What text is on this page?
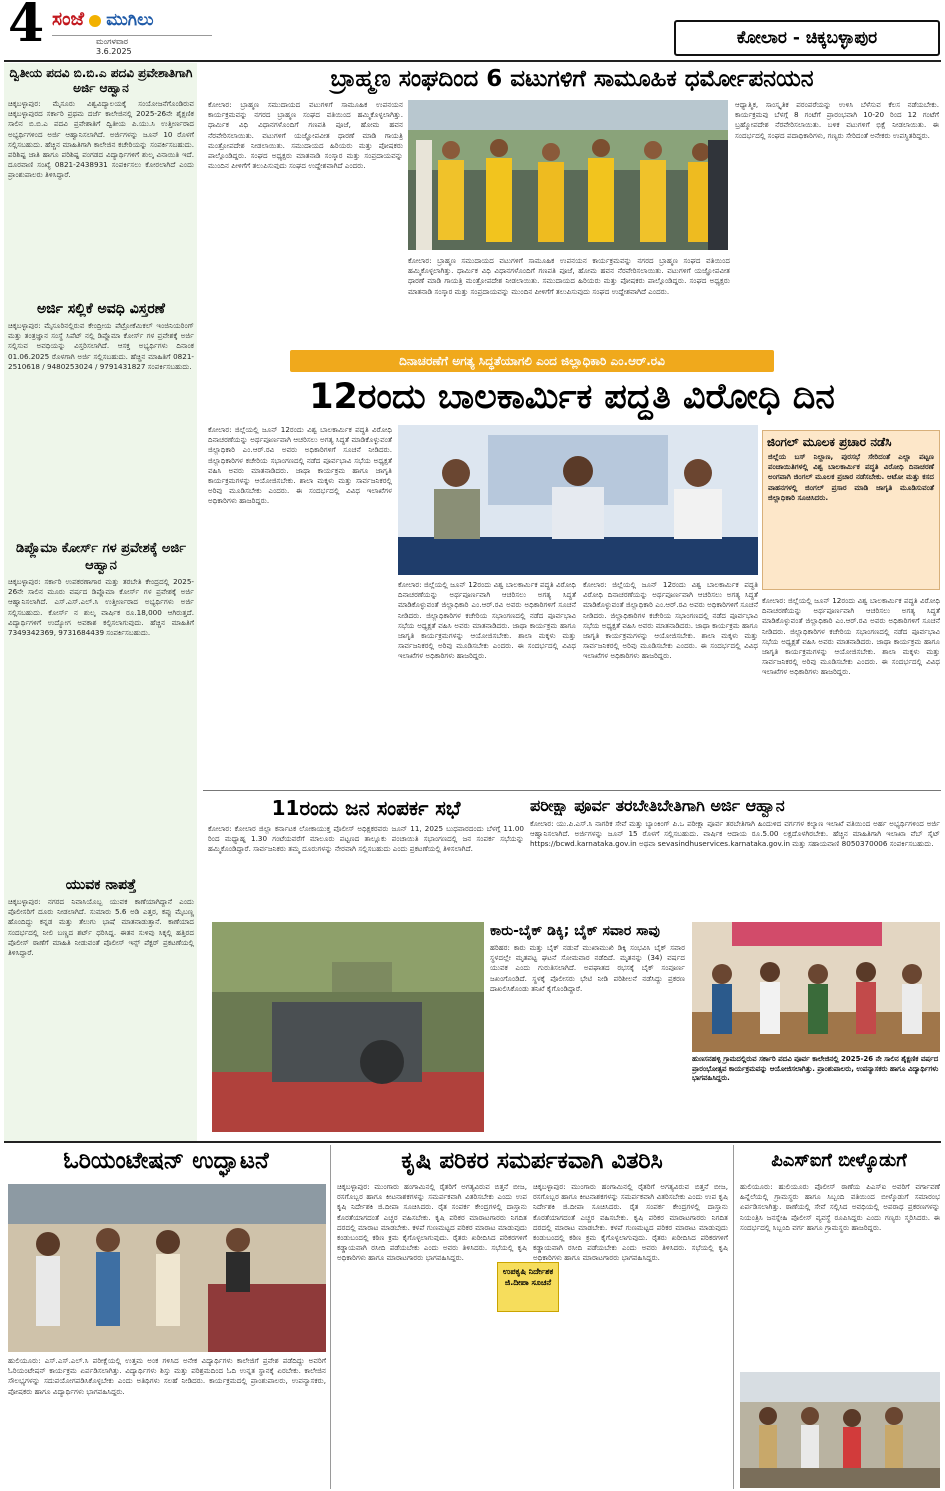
4 ಸಂಜೆ ಮುಗಿಲು
ಮಂಗಳವಾರ
3.6.2025
ಕೋಲಾರ - ಚಿಕ್ಕಬಳ್ಳಾಪುರ
ದ್ವಿತೀಯ ಪದವಿ ಬಿ.ಬಿ.ಎ ಪದವಿ ಪ್ರವೇಶಾತಿಗಾಗಿ ಅರ್ಜಿ ಆಹ್ವಾನ
ಚಿಕ್ಕಬಳ್ಳಾಪುರ: ಮೈಸೂರು ವಿಶ್ವವಿದ್ಯಾಲಯಕ್ಕೆ ಸಂಯೋಜನೆಗೊಂಡಿರುವ ಚಿಕ್ಕಬಳ್ಳಾಪುರದ ಸರ್ಕಾರಿ ಪ್ರಥಮ ದರ್ಜೆ ಕಾಲೇಜಿನಲ್ಲಿ 2025-26ನೇ ಶೈಕ್ಷಣಿಕ ಸಾಲಿನ ಬಿ.ಬಿ.ಎ ಪದವಿ ಪ್ರವೇಶಾತಿಗೆ ದ್ವಿತೀಯ ಪಿ.ಯು.ಸಿ ಉತ್ತೀರ್ಣರಾದ ಅಭ್ಯರ್ಥಿಗಳಿಂದ ಅರ್ಜಿ ಆಹ್ವಾನಿಸಲಾಗಿದೆ. ಅರ್ಜಿಗಳನ್ನು ಜೂನ್ 10 ರೊಳಗೆ ಸಲ್ಲಿಸಬಹುದು. ಹೆಚ್ಚಿನ ಮಾಹಿತಿಗಾಗಿ ಕಾಲೇಜಿನ ಕಚೇರಿಯನ್ನು ಸಂಪರ್ಕಿಸಬಹುದು. ಪರಿಶಿಷ್ಟ ಜಾತಿ ಹಾಗೂ ಪರಿಶಿಷ್ಟ ಪಂಗಡದ ವಿದ್ಯಾರ್ಥಿಗಳಿಗೆ ಶುಲ್ಕ ವಿನಾಯಿತಿ ಇದೆ. ದೂರವಾಣಿ ಸಂಖ್ಯೆ 0821-2438931 ಸಂಪರ್ಕಿಸಲು ಕೋರಲಾಗಿದೆ ಎಂದು ಪ್ರಾಂಶುಪಾಲರು ತಿಳಿಸಿದ್ದಾರೆ.
ಅರ್ಜಿ ಸಲ್ಲಿಕೆ ಅವಧಿ ವಿಸ್ತರಣೆ
ಚಿಕ್ಕಬಳ್ಳಾಪುರ: ಮೈಸೂರಿನಲ್ಲಿರುವ ಕೇಂದ್ರೀಯ ಪೆಟ್ರೋಕೆಮಿಕಲ್ ಇಂಜಿನಿಯರಿಂಗ್ ಮತ್ತು ತಂತ್ರಜ್ಞಾನ ಸಂಸ್ಥೆ ಸಿಪೆಟ್ ನಲ್ಲಿ ಡಿಪ್ಲೊಮಾ ಕೋರ್ಸ್ ಗಳ ಪ್ರವೇಶಕ್ಕೆ ಅರ್ಜಿ ಸಲ್ಲಿಸುವ ಅವಧಿಯನ್ನು ವಿಸ್ತರಿಸಲಾಗಿದೆ. ಆಸಕ್ತ ಅಭ್ಯರ್ಥಿಗಳು ದಿನಾಂಕ 01.06.2025 ರೊಳಗಾಗಿ ಅರ್ಜಿ ಸಲ್ಲಿಸಬಹುದು. ಹೆಚ್ಚಿನ ಮಾಹಿತಿಗೆ 0821-2510618 / 9480253024 / 9791431827 ಸಂಪರ್ಕಿಸಬಹುದು.
ಡಿಪ್ಲೊಮಾ ಕೋರ್ಸ್ ಗಳ ಪ್ರವೇಶಕ್ಕೆ ಅರ್ಜಿ ಆಹ್ವಾನ
ಚಿಕ್ಕಬಳ್ಳಾಪುರ: ಸರ್ಕಾರಿ ಉಪಕರಣಾಗಾರ ಮತ್ತು ತರಬೇತಿ ಕೇಂದ್ರದಲ್ಲಿ 2025-26ನೇ ಸಾಲಿನ ಮೂರು ವರ್ಷದ ಡಿಪ್ಲೊಮಾ ಕೋರ್ಸ್ ಗಳ ಪ್ರವೇಶಕ್ಕೆ ಅರ್ಜಿ ಆಹ್ವಾನಿಸಲಾಗಿದೆ. ಎಸ್.ಎಸ್.ಎಲ್.ಸಿ ಉತ್ತೀರ್ಣರಾದ ಅಭ್ಯರ್ಥಿಗಳು ಅರ್ಜಿ ಸಲ್ಲಿಸಬಹುದು. ಕೋರ್ಸ್ ನ ಶುಲ್ಕ ವಾರ್ಷಿಕ ರೂ.18,000 ಆಗಿರುತ್ತದೆ. ವಿದ್ಯಾರ್ಥಿಗಳಿಗೆ ಉದ್ಯೋಗ ಅವಕಾಶ ಕಲ್ಪಿಸಲಾಗುವುದು. ಹೆಚ್ಚಿನ ಮಾಹಿತಿಗೆ 7349342369, 9731684439 ಸಂಪರ್ಕಿಸಬಹುದು.
ಯುವಕ ನಾಪತ್ತೆ
ಚಿಕ್ಕಬಳ್ಳಾಪುರ: ನಗರದ ನಿವಾಸಿಯೊಬ್ಬ ಯುವಕ ಕಾಣೆಯಾಗಿದ್ದಾನೆ ಎಂದು ಪೊಲೀಸರಿಗೆ ದೂರು ನೀಡಲಾಗಿದೆ. ಸುಮಾರು 5.6 ಅಡಿ ಎತ್ತರ, ಕಪ್ಪು ಮೈಬಣ್ಣ ಹೊಂದಿದ್ದು ಕನ್ನಡ ಮತ್ತು ತೆಲುಗು ಭಾಷೆ ಮಾತನಾಡುತ್ತಾನೆ. ಕಾಣೆಯಾದ ಸಂದರ್ಭದಲ್ಲಿ ನೀಲಿ ಬಣ್ಣದ ಶರ್ಟ್ ಧರಿಸಿದ್ದ. ಈತನ ಸುಳಿವು ಸಿಕ್ಕಲ್ಲಿ ಹತ್ತಿರದ ಪೊಲೀಸ್ ಠಾಣೆಗೆ ಮಾಹಿತಿ ನೀಡುವಂತೆ ಪೊಲೀಸ್ ಇನ್ಸ್ ಪೆಕ್ಟರ್ ಪ್ರಕಟಣೆಯಲ್ಲಿ ತಿಳಿಸಿದ್ದಾರೆ.
ಬ್ರಾಹ್ಮಣ ಸಂಘದಿಂದ 6 ವಟುಗಳಿಗೆ ಸಾಮೂಹಿಕ ಧರ್ಮೋಪನಯನ
ಕೋಲಾರ: ಬ್ರಾಹ್ಮಣ ಸಮುದಾಯದ ವಟುಗಳಿಗೆ ಸಾಮೂಹಿಕ ಉಪನಯನ ಕಾರ್ಯಕ್ರಮವನ್ನು ನಗರದ ಬ್ರಾಹ್ಮಣ ಸಂಘದ ವತಿಯಿಂದ ಹಮ್ಮಿಕೊಳ್ಳಲಾಗಿತ್ತು. ಧಾರ್ಮಿಕ ವಿಧಿ ವಿಧಾನಗಳೊಂದಿಗೆ ಗಣಪತಿ ಪೂಜೆ, ಹೋಮ ಹವನ ನೆರವೇರಿಸಲಾಯಿತು. ವಟುಗಳಿಗೆ ಯಜ್ಞೋಪವೀತ ಧಾರಣೆ ಮಾಡಿ ಗಾಯತ್ರಿ ಮಂತ್ರೋಪದೇಶ ನೀಡಲಾಯಿತು. ಸಮುದಾಯದ ಹಿರಿಯರು ಮತ್ತು ಪೋಷಕರು ಪಾಲ್ಗೊಂಡಿದ್ದರು. ಸಂಘದ ಅಧ್ಯಕ್ಷರು ಮಾತನಾಡಿ ಸಂಸ್ಕಾರ ಮತ್ತು ಸಂಪ್ರದಾಯವನ್ನು ಮುಂದಿನ ಪೀಳಿಗೆಗೆ ತಲುಪಿಸುವುದು ಸಂಘದ ಉದ್ದೇಶವಾಗಿದೆ ಎಂದರು.
ಆಧ್ಯಾತ್ಮಿಕ, ಸಾಂಸ್ಕೃತಿಕ ಪರಂಪರೆಯನ್ನು ಉಳಿಸಿ ಬೆಳೆಸುವ ಕೆಲಸ ನಡೆಯಬೇಕು. ಕಾರ್ಯಕ್ರಮವು ಬೆಳಗ್ಗೆ 8 ಗಂಟೆಗೆ ಪ್ರಾರಂಭವಾಗಿ 10-20 ರಿಂದ 12 ಗಂಟೆಗೆ ಬ್ರಹ್ಮೋಪದೇಶ ನೆರವೇರಿಸಲಾಯಿತು. ಬಳಿಕ ವಟುಗಳಿಗೆ ಭಿಕ್ಷೆ ನೀಡಲಾಯಿತು. ಈ ಸಂದರ್ಭದಲ್ಲಿ ಸಂಘದ ಪದಾಧಿಕಾರಿಗಳು, ಗಣ್ಯರು ಸೇರಿದಂತೆ ಅನೇಕರು ಉಪಸ್ಥಿತರಿದ್ದರು.
ಕೋಲಾರ: ಬ್ರಾಹ್ಮಣ ಸಮುದಾಯದ ವಟುಗಳಿಗೆ ಸಾಮೂಹಿಕ ಉಪನಯನ ಕಾರ್ಯಕ್ರಮವನ್ನು ನಗರದ ಬ್ರಾಹ್ಮಣ ಸಂಘದ ವತಿಯಿಂದ ಹಮ್ಮಿಕೊಳ್ಳಲಾಗಿತ್ತು. ಧಾರ್ಮಿಕ ವಿಧಿ ವಿಧಾನಗಳೊಂದಿಗೆ ಗಣಪತಿ ಪೂಜೆ, ಹೋಮ ಹವನ ನೆರವೇರಿಸಲಾಯಿತು. ವಟುಗಳಿಗೆ ಯಜ್ಞೋಪವೀತ ಧಾರಣೆ ಮಾಡಿ ಗಾಯತ್ರಿ ಮಂತ್ರೋಪದೇಶ ನೀಡಲಾಯಿತು. ಸಮುದಾಯದ ಹಿರಿಯರು ಮತ್ತು ಪೋಷಕರು ಪಾಲ್ಗೊಂಡಿದ್ದರು. ಸಂಘದ ಅಧ್ಯಕ್ಷರು ಮಾತನಾಡಿ ಸಂಸ್ಕಾರ ಮತ್ತು ಸಂಪ್ರದಾಯವನ್ನು ಮುಂದಿನ ಪೀಳಿಗೆಗೆ ತಲುಪಿಸುವುದು ಸಂಘದ ಉದ್ದೇಶವಾಗಿದೆ ಎಂದರು.
ದಿನಾಚರಣೆಗೆ ಅಗತ್ಯ ಸಿದ್ಧತೆಯಾಗಲಿ ಎಂದ ಜಿಲ್ಲಾಧಿಕಾರಿ ಎಂ.ಆರ್.ರವಿ
12ರಂದು ಬಾಲಕಾರ್ಮಿಕ ಪದ್ಧತಿ ವಿರೋಧಿ ದಿನ
ಕೋಲಾರ: ಜಿಲ್ಲೆಯಲ್ಲಿ ಜೂನ್ 12ರಂದು ವಿಶ್ವ ಬಾಲಕಾರ್ಮಿಕ ಪದ್ಧತಿ ವಿರೋಧಿ ದಿನಾಚರಣೆಯನ್ನು ಅರ್ಥಪೂರ್ಣವಾಗಿ ಆಚರಿಸಲು ಅಗತ್ಯ ಸಿದ್ಧತೆ ಮಾಡಿಕೊಳ್ಳುವಂತೆ ಜಿಲ್ಲಾಧಿಕಾರಿ ಎಂ.ಆರ್.ರವಿ ಅವರು ಅಧಿಕಾರಿಗಳಿಗೆ ಸೂಚನೆ ನೀಡಿದರು. ಜಿಲ್ಲಾಧಿಕಾರಿಗಳ ಕಚೇರಿಯ ಸಭಾಂಗಣದಲ್ಲಿ ನಡೆದ ಪೂರ್ವಭಾವಿ ಸಭೆಯ ಅಧ್ಯಕ್ಷತೆ ವಹಿಸಿ ಅವರು ಮಾತನಾಡಿದರು. ಜಾಥಾ ಕಾರ್ಯಕ್ರಮ ಹಾಗೂ ಜಾಗೃತಿ ಕಾರ್ಯಕ್ರಮಗಳನ್ನು ಆಯೋಜಿಸಬೇಕು. ಶಾಲಾ ಮಕ್ಕಳು ಮತ್ತು ಸಾರ್ವಜನಿಕರಲ್ಲಿ ಅರಿವು ಮೂಡಿಸಬೇಕು ಎಂದರು. ಈ ಸಂದರ್ಭದಲ್ಲಿ ವಿವಿಧ ಇಲಾಖೆಗಳ ಅಧಿಕಾರಿಗಳು ಹಾಜರಿದ್ದರು.
ಜಿಂಗಲ್ ಮೂಲಕ ಪ್ರಚಾರ ನಡೆಸಿ
ಜಿಲ್ಲೆಯ ಬಸ್ ನಿಲ್ದಾಣ, ಪುರಸಭೆ ಸೇರಿದಂತೆ ಎಲ್ಲಾ ಪಟ್ಟಣ ಪಂಚಾಯಿತಿಗಳಲ್ಲಿ ವಿಶ್ವ ಬಾಲಕಾರ್ಮಿಕ ಪದ್ಧತಿ ವಿರೋಧಿ ದಿನಾಚರಣೆ ಅಂಗವಾಗಿ ಜಿಂಗಲ್ ಮೂಲಕ ಪ್ರಚಾರ ನಡೆಸಬೇಕು. ಆಟೋ ಮತ್ತು ಕಸದ ವಾಹನಗಳಲ್ಲಿ ಜಿಂಗಲ್ ಪ್ರಸಾರ ಮಾಡಿ ಜಾಗೃತಿ ಮೂಡಿಸುವಂತೆ ಜಿಲ್ಲಾಧಿಕಾರಿ ಸೂಚಿಸಿದರು.
ಕೋಲಾರ: ಜಿಲ್ಲೆಯಲ್ಲಿ ಜೂನ್ 12ರಂದು ವಿಶ್ವ ಬಾಲಕಾರ್ಮಿಕ ಪದ್ಧತಿ ವಿರೋಧಿ ದಿನಾಚರಣೆಯನ್ನು ಅರ್ಥಪೂರ್ಣವಾಗಿ ಆಚರಿಸಲು ಅಗತ್ಯ ಸಿದ್ಧತೆ ಮಾಡಿಕೊಳ್ಳುವಂತೆ ಜಿಲ್ಲಾಧಿಕಾರಿ ಎಂ.ಆರ್.ರವಿ ಅವರು ಅಧಿಕಾರಿಗಳಿಗೆ ಸೂಚನೆ ನೀಡಿದರು. ಜಿಲ್ಲಾಧಿಕಾರಿಗಳ ಕಚೇರಿಯ ಸಭಾಂಗಣದಲ್ಲಿ ನಡೆದ ಪೂರ್ವಭಾವಿ ಸಭೆಯ ಅಧ್ಯಕ್ಷತೆ ವಹಿಸಿ ಅವರು ಮಾತನಾಡಿದರು. ಜಾಥಾ ಕಾರ್ಯಕ್ರಮ ಹಾಗೂ ಜಾಗೃತಿ ಕಾರ್ಯಕ್ರಮಗಳನ್ನು ಆಯೋಜಿಸಬೇಕು. ಶಾಲಾ ಮಕ್ಕಳು ಮತ್ತು ಸಾರ್ವಜನಿಕರಲ್ಲಿ ಅರಿವು ಮೂಡಿಸಬೇಕು ಎಂದರು. ಈ ಸಂದರ್ಭದಲ್ಲಿ ವಿವಿಧ ಇಲಾಖೆಗಳ ಅಧಿಕಾರಿಗಳು ಹಾಜರಿದ್ದರು.
ಕೋಲಾರ: ಜಿಲ್ಲೆಯಲ್ಲಿ ಜೂನ್ 12ರಂದು ವಿಶ್ವ ಬಾಲಕಾರ್ಮಿಕ ಪದ್ಧತಿ ವಿರೋಧಿ ದಿನಾಚರಣೆಯನ್ನು ಅರ್ಥಪೂರ್ಣವಾಗಿ ಆಚರಿಸಲು ಅಗತ್ಯ ಸಿದ್ಧತೆ ಮಾಡಿಕೊಳ್ಳುವಂತೆ ಜಿಲ್ಲಾಧಿಕಾರಿ ಎಂ.ಆರ್.ರವಿ ಅವರು ಅಧಿಕಾರಿಗಳಿಗೆ ಸೂಚನೆ ನೀಡಿದರು. ಜಿಲ್ಲಾಧಿಕಾರಿಗಳ ಕಚೇರಿಯ ಸಭಾಂಗಣದಲ್ಲಿ ನಡೆದ ಪೂರ್ವಭಾವಿ ಸಭೆಯ ಅಧ್ಯಕ್ಷತೆ ವಹಿಸಿ ಅವರು ಮಾತನಾಡಿದರು. ಜಾಥಾ ಕಾರ್ಯಕ್ರಮ ಹಾಗೂ ಜಾಗೃತಿ ಕಾರ್ಯಕ್ರಮಗಳನ್ನು ಆಯೋಜಿಸಬೇಕು. ಶಾಲಾ ಮಕ್ಕಳು ಮತ್ತು ಸಾರ್ವಜನಿಕರಲ್ಲಿ ಅರಿವು ಮೂಡಿಸಬೇಕು ಎಂದರು. ಈ ಸಂದರ್ಭದಲ್ಲಿ ವಿವಿಧ ಇಲಾಖೆಗಳ ಅಧಿಕಾರಿಗಳು ಹಾಜರಿದ್ದರು.
ಕೋಲಾರ: ಜಿಲ್ಲೆಯಲ್ಲಿ ಜೂನ್ 12ರಂದು ವಿಶ್ವ ಬಾಲಕಾರ್ಮಿಕ ಪದ್ಧತಿ ವಿರೋಧಿ ದಿನಾಚರಣೆಯನ್ನು ಅರ್ಥಪೂರ್ಣವಾಗಿ ಆಚರಿಸಲು ಅಗತ್ಯ ಸಿದ್ಧತೆ ಮಾಡಿಕೊಳ್ಳುವಂತೆ ಜಿಲ್ಲಾಧಿಕಾರಿ ಎಂ.ಆರ್.ರವಿ ಅವರು ಅಧಿಕಾರಿಗಳಿಗೆ ಸೂಚನೆ ನೀಡಿದರು. ಜಿಲ್ಲಾಧಿಕಾರಿಗಳ ಕಚೇರಿಯ ಸಭಾಂಗಣದಲ್ಲಿ ನಡೆದ ಪೂರ್ವಭಾವಿ ಸಭೆಯ ಅಧ್ಯಕ್ಷತೆ ವಹಿಸಿ ಅವರು ಮಾತನಾಡಿದರು. ಜಾಥಾ ಕಾರ್ಯಕ್ರಮ ಹಾಗೂ ಜಾಗೃತಿ ಕಾರ್ಯಕ್ರಮಗಳನ್ನು ಆಯೋಜಿಸಬೇಕು. ಶಾಲಾ ಮಕ್ಕಳು ಮತ್ತು ಸಾರ್ವಜನಿಕರಲ್ಲಿ ಅರಿವು ಮೂಡಿಸಬೇಕು ಎಂದರು. ಈ ಸಂದರ್ಭದಲ್ಲಿ ವಿವಿಧ ಇಲಾಖೆಗಳ ಅಧಿಕಾರಿಗಳು ಹಾಜರಿದ್ದರು.
11ರಂದು ಜನ ಸಂಪರ್ಕ ಸಭೆ
ಕೋಲಾರ: ಕೋಲಾರ ಜಿಲ್ಲಾ ಕರ್ನಾಟಕ ಲೋಕಾಯುಕ್ತ ಪೊಲೀಸ್ ಅಧಿಕ್ಷಕರವರು ಜೂನ್ 11, 2025 ಬುಧವಾರದಂದು ಬೆಳಗ್ಗೆ 11.00 ರಿಂದ ಮಧ್ಯಾಹ್ನ 1.30 ಗಂಟೆಯವರೆಗೆ ಮಾಲೂರು ಪಟ್ಟಣದ ತಾಲ್ಲೂಕು ಪಂಚಾಯಿತಿ ಸಭಾಂಗಣದಲ್ಲಿ ಜನ ಸಂಪರ್ಕ ಸಭೆಯನ್ನು ಹಮ್ಮಿಕೊಂಡಿದ್ದಾರೆ. ಸಾರ್ವಜನಿಕರು ತಮ್ಮ ದೂರುಗಳನ್ನು ನೇರವಾಗಿ ಸಲ್ಲಿಸಬಹುದು ಎಂದು ಪ್ರಕಟಣೆಯಲ್ಲಿ ತಿಳಿಸಲಾಗಿದೆ.
ಪರೀಕ್ಷಾ ಪೂರ್ವ ತರಬೇತಿಬೇತಿಗಾಗಿ ಅರ್ಜಿ ಆಹ್ವಾನ
ಕೋಲಾರ: ಯು.ಪಿ.ಎಸ್.ಸಿ ನಾಗರಿಕ ಸೇವೆ ಮತ್ತು ಬ್ಯಾಂಕಿಂಗ್ ಪಿ.ಒ ಪರೀಕ್ಷಾ ಪೂರ್ವ ತರಬೇತಿಗಾಗಿ ಹಿಂದುಳಿದ ವರ್ಗಗಳ ಕಲ್ಯಾಣ ಇಲಾಖೆ ವತಿಯಿಂದ ಅರ್ಹ ಅಭ್ಯರ್ಥಿಗಳಿಂದ ಅರ್ಜಿ ಆಹ್ವಾನಿಸಲಾಗಿದೆ. ಅರ್ಜಿಗಳನ್ನು ಜೂನ್ 15 ರೊಳಗೆ ಸಲ್ಲಿಸಬಹುದು. ವಾರ್ಷಿಕ ಆದಾಯ ರೂ.5.00 ಲಕ್ಷದೊಳಗಿರಬೇಕು. ಹೆಚ್ಚಿನ ಮಾಹಿತಿಗಾಗಿ ಇಲಾಖಾ ವೆಬ್ ಸೈಟ್ https://bcwd.karnataka.gov.in ಅಥವಾ sevasindhuservices.karnataka.gov.in ಮತ್ತು ಸಹಾಯವಾಣಿ 8050370006 ಸಂಪರ್ಕಿಸಬಹುದು.
ಕಾರು-ಬೈಕ್ ಡಿಕ್ಕಿ; ಬೈಕ್ ಸವಾರ ಸಾವು
ಹರಿಹರ: ಕಾರು ಮತ್ತು ಬೈಕ್ ನಡುವೆ ಮುಖಾಮುಖಿ ಡಿಕ್ಕಿ ಸಂಭವಿಸಿ ಬೈಕ್ ಸವಾರ ಸ್ಥಳದಲ್ಲೇ ಮೃತಪಟ್ಟ ಘಟನೆ ಸೋಮವಾರ ನಡೆದಿದೆ. ಮೃತನನ್ನು (34) ವರ್ಷದ ಯುವಕ ಎಂದು ಗುರುತಿಸಲಾಗಿದೆ. ಅಪಘಾತದ ರಭಸಕ್ಕೆ ಬೈಕ್ ಸಂಪೂರ್ಣ ಜಖಂಗೊಂಡಿದೆ. ಸ್ಥಳಕ್ಕೆ ಪೊಲೀಸರು ಭೇಟಿ ನೀಡಿ ಪರಿಶೀಲನೆ ನಡೆಸಿದ್ದು ಪ್ರಕರಣ ದಾಖಲಿಸಿಕೊಂಡು ತನಿಖೆ ಕೈಗೊಂಡಿದ್ದಾರೆ.
ಹುಣಸನಹಳ್ಳಿ ಗ್ರಾಮದಲ್ಲಿರುವ ಸರ್ಕಾರಿ ಪದವಿ ಪೂರ್ವ ಕಾಲೇಜಿನಲ್ಲಿ 2025-26 ನೇ ಸಾಲಿನ ಶೈಕ್ಷಣಿಕ ವರ್ಷದ ಪ್ರಾರಂಭೋತ್ಸವ ಕಾರ್ಯಕ್ರಮವನ್ನು ಆಯೋಜಿಸಲಾಗಿತ್ತು. ಪ್ರಾಂಶುಪಾಲರು, ಉಪನ್ಯಾಸಕರು ಹಾಗೂ ವಿದ್ಯಾರ್ಥಿಗಳು ಭಾಗವಹಿಸಿದ್ದರು.
ಓರಿಯಂಟೇಷನ್ ಉದ್ಘಾಟನೆ
ಹುಲಿಯೂರು: ಎಸ್.ಎಸ್.ಎಲ್.ಸಿ ಪರೀಕ್ಷೆಯಲ್ಲಿ ಉತ್ತಮ ಅಂಕ ಗಳಿಸಿದ ಅನೇಕ ವಿದ್ಯಾರ್ಥಿಗಳು ಕಾಲೇಜಿಗೆ ಪ್ರವೇಶ ಪಡೆದಿದ್ದು ಅವರಿಗೆ ಓರಿಯಂಟೇಷನ್ ಕಾರ್ಯಕ್ರಮ ಏರ್ಪಡಿಸಲಾಗಿತ್ತು. ವಿದ್ಯಾರ್ಥಿಗಳು ಶಿಸ್ತು ಮತ್ತು ಪರಿಶ್ರಮದಿಂದ ಓದಿ ಉನ್ನತ ಸ್ಥಾನಕ್ಕೆ ಏರಬೇಕು. ಕಾಲೇಜಿನ ಸೌಲಭ್ಯಗಳನ್ನು ಸದುಪಯೋಗಪಡಿಸಿಕೊಳ್ಳಬೇಕು ಎಂದು ಅತಿಥಿಗಳು ಸಲಹೆ ನೀಡಿದರು. ಕಾರ್ಯಕ್ರಮದಲ್ಲಿ ಪ್ರಾಂಶುಪಾಲರು, ಉಪನ್ಯಾಸಕರು, ಪೋಷಕರು ಹಾಗೂ ವಿದ್ಯಾರ್ಥಿಗಳು ಭಾಗವಹಿಸಿದ್ದರು.
ಕೃಷಿ ಪರಿಕರ ಸಮರ್ಪಕವಾಗಿ ವಿತರಿಸಿ
ಚಿಕ್ಕಬಳ್ಳಾಪುರ: ಮುಂಗಾರು ಹಂಗಾಮಿನಲ್ಲಿ ರೈತರಿಗೆ ಅಗತ್ಯವಿರುವ ಬಿತ್ತನೆ ಬೀಜ, ರಸಗೊಬ್ಬರ ಹಾಗೂ ಕೀಟನಾಶಕಗಳನ್ನು ಸಮರ್ಪಕವಾಗಿ ವಿತರಿಸಬೇಕು ಎಂದು ಉಪ ಕೃಷಿ ನಿರ್ದೇಶಕಿ ಜಿ.ದೀಪಾ ಸೂಚಿಸಿದರು. ರೈತ ಸಂಪರ್ಕ ಕೇಂದ್ರಗಳಲ್ಲಿ ದಾಸ್ತಾನು ಕೊರತೆಯಾಗದಂತೆ ಎಚ್ಚರ ವಹಿಸಬೇಕು. ಕೃಷಿ ಪರಿಕರ ಮಾರಾಟಗಾರರು ನಿಗದಿತ ದರದಲ್ಲಿ ಮಾರಾಟ ಮಾಡಬೇಕು. ಕಳಪೆ ಗುಣಮಟ್ಟದ ಪರಿಕರ ಮಾರಾಟ ಮಾಡುವುದು ಕಂಡುಬಂದಲ್ಲಿ ಕಠಿಣ ಕ್ರಮ ಕೈಗೊಳ್ಳಲಾಗುವುದು. ರೈತರು ಖರೀದಿಸಿದ ಪರಿಕರಗಳಿಗೆ ಕಡ್ಡಾಯವಾಗಿ ರಸೀದಿ ಪಡೆಯಬೇಕು ಎಂದು ಅವರು ತಿಳಿಸಿದರು. ಸಭೆಯಲ್ಲಿ ಕೃಷಿ ಅಧಿಕಾರಿಗಳು ಹಾಗೂ ಮಾರಾಟಗಾರರು ಭಾಗವಹಿಸಿದ್ದರು.
ಚಿಕ್ಕಬಳ್ಳಾಪುರ: ಮುಂಗಾರು ಹಂಗಾಮಿನಲ್ಲಿ ರೈತರಿಗೆ ಅಗತ್ಯವಿರುವ ಬಿತ್ತನೆ ಬೀಜ, ರಸಗೊಬ್ಬರ ಹಾಗೂ ಕೀಟನಾಶಕಗಳನ್ನು ಸಮರ್ಪಕವಾಗಿ ವಿತರಿಸಬೇಕು ಎಂದು ಉಪ ಕೃಷಿ ನಿರ್ದೇಶಕಿ ಜಿ.ದೀಪಾ ಸೂಚಿಸಿದರು. ರೈತ ಸಂಪರ್ಕ ಕೇಂದ್ರಗಳಲ್ಲಿ ದಾಸ್ತಾನು ಕೊರತೆಯಾಗದಂತೆ ಎಚ್ಚರ ವಹಿಸಬೇಕು. ಕೃಷಿ ಪರಿಕರ ಮಾರಾಟಗಾರರು ನಿಗದಿತ ದರದಲ್ಲಿ ಮಾರಾಟ ಮಾಡಬೇಕು. ಕಳಪೆ ಗುಣಮಟ್ಟದ ಪರಿಕರ ಮಾರಾಟ ಮಾಡುವುದು ಕಂಡುಬಂದಲ್ಲಿ ಕಠಿಣ ಕ್ರಮ ಕೈಗೊಳ್ಳಲಾಗುವುದು. ರೈತರು ಖರೀದಿಸಿದ ಪರಿಕರಗಳಿಗೆ ಕಡ್ಡಾಯವಾಗಿ ರಸೀದಿ ಪಡೆಯಬೇಕು ಎಂದು ಅವರು ತಿಳಿಸಿದರು. ಸಭೆಯಲ್ಲಿ ಕೃಷಿ ಅಧಿಕಾರಿಗಳು ಹಾಗೂ ಮಾರಾಟಗಾರರು ಭಾಗವಹಿಸಿದ್ದರು.
ಉಪಕೃಷಿ ನಿರ್ದೇಶಕ ಜಿ.ದೀಪಾ ಸೂಚನೆ
ಪಿಎಸ್ಐಗೆ ಬೀಳ್ಕೊಡುಗೆ
ಹುಲಿಯೂರು: ಹುಲಿಯೂರು ಪೊಲೀಸ್ ಠಾಣೆಯ ಪಿಎಸ್ಐ ಅವರಿಗೆ ವರ್ಗಾವಣೆ ಹಿನ್ನೆಲೆಯಲ್ಲಿ ಗ್ರಾಮಸ್ಥರು ಹಾಗೂ ಸಿಬ್ಬಂದಿ ವತಿಯಿಂದ ಬೀಳ್ಕೊಡುಗೆ ಸಮಾರಂಭ ಏರ್ಪಡಿಸಲಾಗಿತ್ತು. ಠಾಣೆಯಲ್ಲಿ ಸೇವೆ ಸಲ್ಲಿಸಿದ ಅವಧಿಯಲ್ಲಿ ಅಪರಾಧ ಪ್ರಕರಣಗಳನ್ನು ನಿಯಂತ್ರಿಸಿ ಜನಸ್ನೇಹಿ ಪೊಲೀಸ್ ವ್ಯವಸ್ಥೆ ರೂಪಿಸಿದ್ದರು ಎಂದು ಗಣ್ಯರು ಸ್ಮರಿಸಿದರು. ಈ ಸಂದರ್ಭದಲ್ಲಿ ಸಿಬ್ಬಂದಿ ವರ್ಗ ಹಾಗೂ ಗ್ರಾಮಸ್ಥರು ಹಾಜರಿದ್ದರು.
